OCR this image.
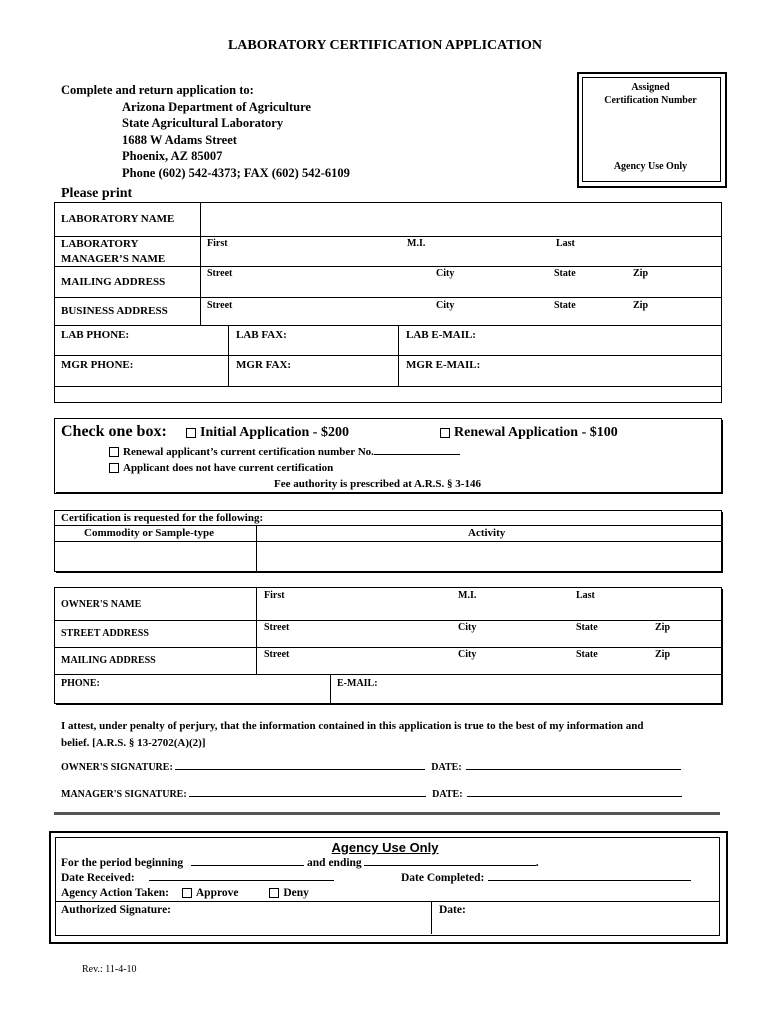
LABORATORY CERTIFICATION APPLICATION
Complete and return application to:
Arizona Department of Agriculture
State Agricultural Laboratory
1688 W Adams Street
Phoenix, AZ 85007
Phone (602) 542-4373; FAX (602) 542-6109
Assigned
Certification Number
Agency Use Only
Please print
LABORATORY NAME
LABORATORY
MANAGER’S NAME
First	M.I.	Last
MAILING ADDRESS
Street	City	State	Zip
BUSINESS ADDRESS	Street	City	State	Zip
LAB PHONE:	LAB FAX:	LAB E-MAIL:
MGR PHONE:	MGR FAX:	MGR E-MAIL:
Check one box:	Initial Application - $200	Renewal Application - $100
Renewal applicant’s current certification number No.
Applicant does not have current certification
Fee authority is prescribed at A.R.S. § 3-146
Certification is requested for the following:
Commodity or Sample-type	Activity
OWNER'S NAME
First	M.I.	Last
STREET ADDRESS
Street	City	State	Zip
MAILING ADDRESS
Street	City	State	Zip
PHONE:	E-MAIL:
I attest, under penalty of perjury, that the information contained in this application is true to the best of my information and
belief. [A.R.S. § 13-2702(A)(2)]
OWNER'S SIGNATURE:	DATE:
MANAGER'S SIGNATURE:	DATE:
Agency Use Only
For the period beginning	and ending	.
Date Received:	Date Completed:
Agency Action Taken: Approve	Deny
Authorized Signature:	Date:
Rev.: 11-4-10
